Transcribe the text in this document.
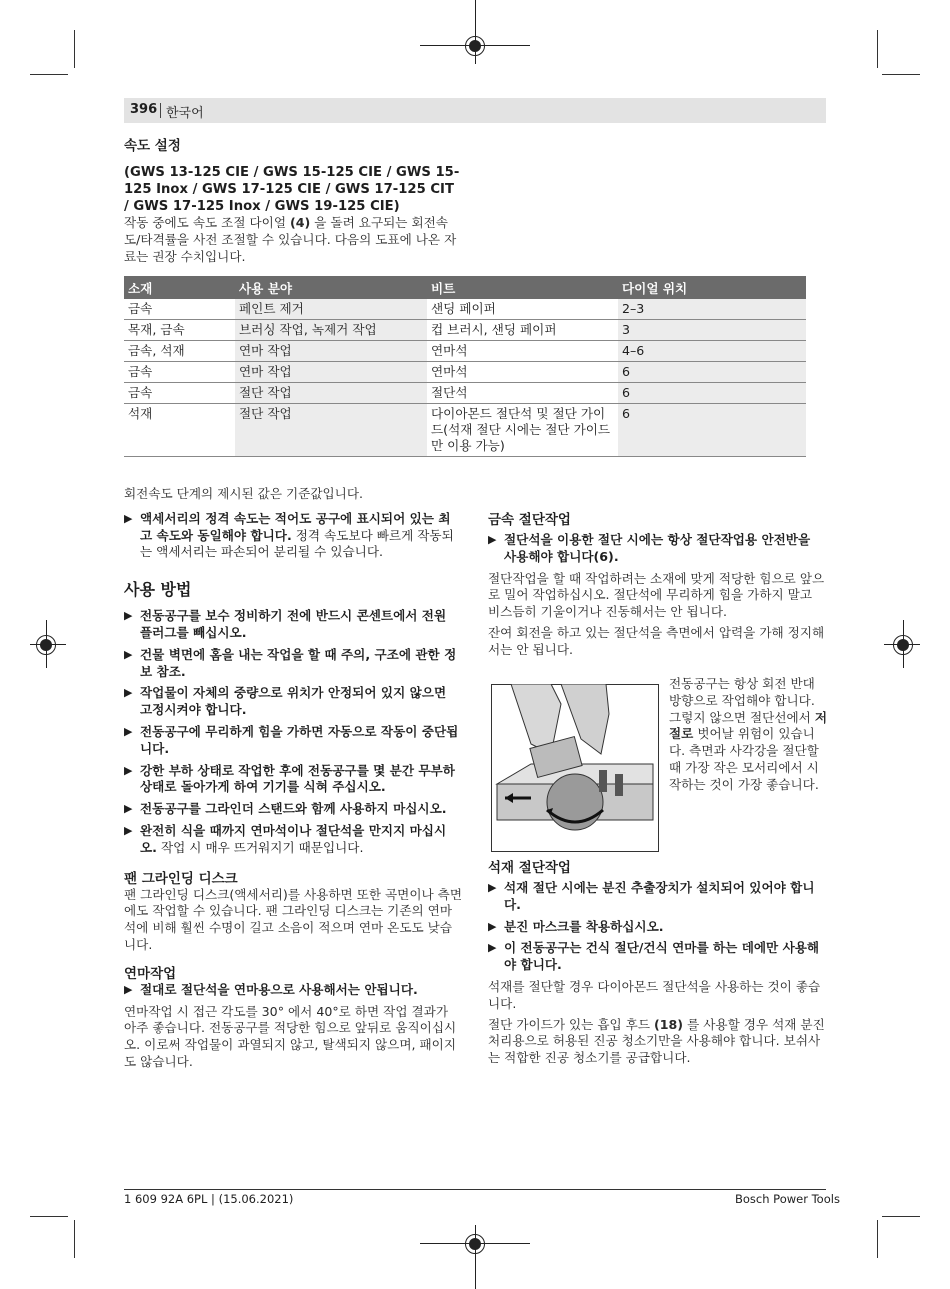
396 한국어
속도 설정
(GWS 13-125 CIE / GWS 15-125 CIE / GWS 15-125 Inox / GWS 17-125 CIE / GWS 17-125 CIT / GWS 17-125 Inox / GWS 19-125 CIE)

작동 중에도 속도 조절 다이얼 (4) 을 돌려 요구되는 회전속도/타격률을 사전 조절할 수 있습니다. 다음의 도표에 나온 자료는 권장 수치입니다.

소재	사용 분야	비트	다이얼 위치
금속	페인트 제거	샌딩 페이퍼	2–3
목재, 금속	브러싱 작업, 녹제거 작업	컵 브러시, 샌딩 페이퍼	3
금속, 석재	연마 작업	연마석	4–6
금속	연마 작업	연마석	6
금속	절단 작업	절단석	6
석재	절단 작업	다이아몬드 절단석 및 절단 가이드(석재 절단 시에는 절단 가이드만 이용 가능)	6

회전속도 단계의 제시된 값은 기준값입니다.

▶ 액세서리의 정격 속도는 적어도 공구에 표시되어 있는 최고 속도와 동일해야 합니다. 정격 속도보다 빠르게 작동되는 액세서리는 파손되어 분리될 수 있습니다.
사용 방법
▶ 전동공구를 보수 정비하기 전에 반드시 콘센트에서 전원 플러그를 빼십시오.
▶ 건물 벽면에 홈을 내는 작업을 할 때 주의, 구조에 관한 정보 참조.
▶ 작업물이 자체의 중량으로 위치가 안정되어 있지 않으면 고정시켜야 합니다.
▶ 전동공구에 무리하게 힘을 가하면 자동으로 작동이 중단됩니다.
▶ 강한 부하 상태로 작업한 후에 전동공구를 몇 분간 무부하 상태로 돌아가게 하여 기기를 식혀 주십시오.
▶ 전동공구를 그라인더 스탠드와 함께 사용하지 마십시오.
▶ 완전히 식을 때까지 연마석이나 절단석을 만지지 마십시오. 작업 시 매우 뜨거워지기 때문입니다.
팬 그라인딩 디스크

팬 그라인딩 디스크(액세서리)를 사용하면 또한 곡면이나 측면에도 작업할 수 있습니다. 팬 그라인딩 디스크는 기존의 연마석에 비해 훨씬 수명이 길고 소음이 적으며 연마 온도도 낮습니다.

연마작업
▶ 절대로 절단석을 연마용으로 사용해서는 안됩니다.

연마작업 시 접근 각도를 30° 에서 40°로 하면 작업 결과가 아주 좋습니다. 전동공구를 적당한 힘으로 앞뒤로 움직이십시오. 이로써 작업물이 과열되지 않고, 탈색되지 않으며, 패이지도 않습니다.

금속 절단작업
▶ 절단석을 이용한 절단 시에는 항상 절단작업용 안전반을 사용해야 합니다(6).

절단작업을 할 때 작업하려는 소재에 맞게 적당한 힘으로 앞으로 밀어 작업하십시오. 절단석에 무리하게 힘을 가하지 말고 비스듬히 기울이거나 진동해서는 안 됩니다.

잔여 회전을 하고 있는 절단석을 측면에서 압력을 가해 정지해서는 안 됩니다.

전동공구는 항상 회전 반대 방향으로 작업해야 합니다. 그렇지 않으면 절단선에서 저절로 벗어날 위험이 있습니다. 측면과 사각강을 절단할 때 가장 작은 모서리에서 시작하는 것이 가장 좋습니다.

석재 절단작업
▶ 석재 절단 시에는 분진 추출장치가 설치되어 있어야 합니다.
▶ 분진 마스크를 착용하십시오.
▶ 이 전동공구는 건식 절단/건식 연마를 하는 데에만 사용해야 합니다.

석재를 절단할 경우 다이아몬드 절단석을 사용하는 것이 좋습니다.

절단 가이드가 있는 흡입 후드 (18) 를 사용할 경우 석재 분진 처리용으로 허용된 진공 청소기만을 사용해야 합니다. 보쉬사는 적합한 진공 청소기를 공급합니다.

1 609 92A 6PL | (15.06.2021)	Bosch Power Tools
